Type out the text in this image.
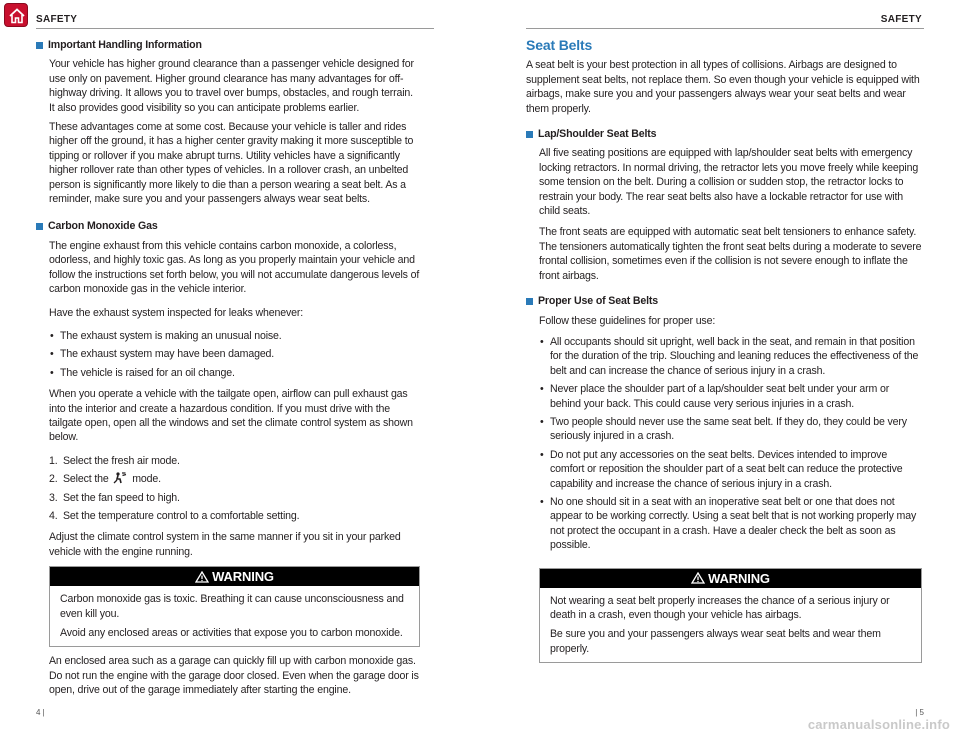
SAFETY
Important Handling Information
Your vehicle has higher ground clearance than a passenger vehicle designed for use only on pavement. Higher ground clearance has many advantages for off-highway driving. It allows you to travel over bumps, obstacles, and rough terrain. It also provides good visibility so you can anticipate problems earlier.
These advantages come at some cost. Because your vehicle is taller and rides higher off the ground, it has a higher center gravity making it more susceptible to tipping or rollover if you make abrupt turns. Utility vehicles have a significantly higher rollover rate than other types of vehicles. In a rollover crash, an unbelted person is significantly more likely to die than a person wearing a seat belt. As a reminder, make sure you and your passengers always wear seat belts.
Carbon Monoxide Gas
The engine exhaust from this vehicle contains carbon monoxide, a colorless, odorless, and highly toxic gas. As long as you properly maintain your vehicle and follow the instructions set forth below, you will not accumulate dangerous levels of carbon monoxide gas in the vehicle interior.
Have the exhaust system inspected for leaks whenever:
• The exhaust system is making an unusual noise.
• The exhaust system may have been damaged.
• The vehicle is raised for an oil change.
When you operate a vehicle with the tailgate open, airflow can pull exhaust gas into the interior and create a hazardous condition. If you must drive with the tailgate open, open all the windows and set the climate control system as shown below.
1. Select the fresh air mode.
2. Select the mode.
3. Set the fan speed to high.
4. Set the temperature control to a comfortable setting.
Adjust the climate control system in the same manner if you sit in your parked vehicle with the engine running.
WARNING
Carbon monoxide gas is toxic. Breathing it can cause unconsciousness and even kill you.
Avoid any enclosed areas or activities that expose you to carbon monoxide.
An enclosed area such as a garage can quickly fill up with carbon monoxide gas. Do not run the engine with the garage door closed. Even when the garage door is open, drive out of the garage immediately after starting the engine.
4 |
SAFETY
Seat Belts
A seat belt is your best protection in all types of collisions. Airbags are designed to supplement seat belts, not replace them. So even though your vehicle is equipped with airbags, make sure you and your passengers always wear your seat belts and wear them properly.
Lap/Shoulder Seat Belts
All five seating positions are equipped with lap/shoulder seat belts with emergency locking retractors. In normal driving, the retractor lets you move freely while keeping some tension on the belt. During a collision or sudden stop, the retractor locks to restrain your body. The rear seat belts also have a lockable retractor for use with child seats.
The front seats are equipped with automatic seat belt tensioners to enhance safety. The tensioners automatically tighten the front seat belts during a moderate to severe frontal collision, sometimes even if the collision is not severe enough to inflate the front airbags.
Proper Use of Seat Belts
Follow these guidelines for proper use:
• All occupants should sit upright, well back in the seat, and remain in that position for the duration of the trip. Slouching and leaning reduces the effectiveness of the belt and can increase the chance of serious injury in a crash.
• Never place the shoulder part of a lap/shoulder seat belt under your arm or behind your back. This could cause very serious injuries in a crash.
• Two people should never use the same seat belt. If they do, they could be very seriously injured in a crash.
• Do not put any accessories on the seat belts. Devices intended to improve comfort or reposition the shoulder part of a seat belt can reduce the protective capability and increase the chance of serious injury in a crash.
• No one should sit in a seat with an inoperative seat belt or one that does not appear to be working correctly. Using a seat belt that is not working properly may not protect the occupant in a crash. Have a dealer check the belt as soon as possible.
WARNING
Not wearing a seat belt properly increases the chance of a serious injury or death in a crash, even though your vehicle has airbags.
Be sure you and your passengers always wear seat belts and wear them properly.
| 5
carmanualsonline.info
